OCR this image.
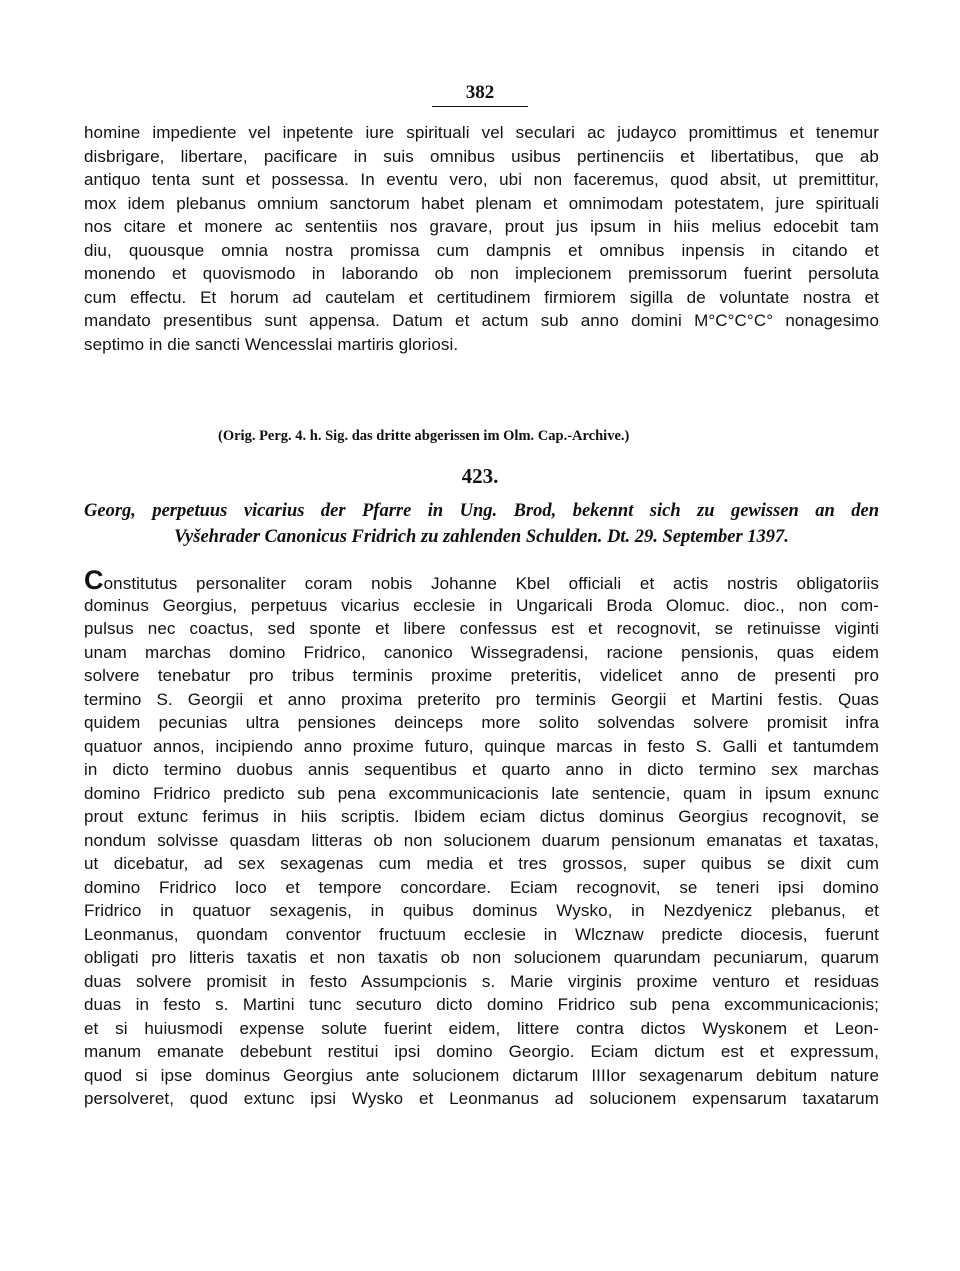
382
homine impediente vel inpetente iure spirituali vel seculari ac judayco promittimus et tenemur
disbrigare, libertare, pacificare in suis omnibus usibus pertinenciis et libertatibus, que ab
antiquo tenta sunt et possessa. In eventu vero, ubi non faceremus, quod absit, ut premittitur,
mox idem plebanus omnium sanctorum habet plenam et omnimodam potestatem, jure spirituali
nos citare et monere ac sententiis nos gravare, prout jus ipsum in hiis melius edocebit tam
diu, quousque omnia nostra promissa cum dampnis et omnibus inpensis in citando et
monendo et quovismodo in laborando ob non implecionem premissorum fuerint persoluta
cum effectu. Et horum ad cautelam et certitudinem firmiorem sigilla de voluntate nostra et
mandato presentibus sunt appensa. Datum et actum sub anno domini M°C°C°C° nonagesimo
septimo in die sancti Wencesslai martiris gloriosi.
(Orig. Perg. 4. h. Sig. das dritte abgerissen im Olm. Cap.-Archive.)
423.
Georg, perpetuus vicarius der Pfarre in Ung. Brod, bekennt sich zu gewissen an den
Vyšehrader Canonicus Fridrich zu zahlenden Schulden. Dt. 29. September 1397.
Constitutus personaliter coram nobis Johanne Kbel officiali et actis nostris obligatoriis
dominus Georgius, perpetuus vicarius ecclesie in Ungaricali Broda Olomuc. dioc., non com-
pulsus nec coactus, sed sponte et libere confessus est et recognovit, se retinuisse viginti
unam marchas domino Fridrico, canonico Wissegradensi, racione pensionis, quas eidem
solvere tenebatur pro tribus terminis proxime preteritis, videlicet anno de presenti pro
termino S. Georgii et anno proxima preterito pro terminis Georgii et Martini festis. Quas
quidem pecunias ultra pensiones deinceps more solito solvendas solvere promisit infra
quatuor annos, incipiendo anno proxime futuro, quinque marcas in festo S. Galli et tantumdem
in dicto termino duobus annis sequentibus et quarto anno in dicto termino sex marchas
domino Fridrico predicto sub pena excommunicacionis late sentencie, quam in ipsum exnunc
prout extunc ferimus in hiis scriptis. Ibidem eciam dictus dominus Georgius recognovit, se
nondum solvisse quasdam litteras ob non solucionem duarum pensionum emanatas et taxatas,
ut dicebatur, ad sex sexagenas cum media et tres grossos, super quibus se dixit cum
domino Fridrico loco et tempore concordare. Eciam recognovit, se teneri ipsi domino
Fridrico in quatuor sexagenis, in quibus dominus Wysko, in Nezdyenicz plebanus, et
Leonmanus, quondam conventor fructuum ecclesie in Wlcznaw predicte diocesis, fuerunt
obligati pro litteris taxatis et non taxatis ob non solucionem quarundam pecuniarum, quarum
duas solvere promisit in festo Assumpcionis s. Marie virginis proxime venturo et residuas
duas in festo s. Martini tunc secuturo dicto domino Fridrico sub pena excommunicacionis;
et si huiusmodi expense solute fuerint eidem, littere contra dictos Wyskonem et Leon-
manum emanate debebunt restitui ipsi domino Georgio. Eciam dictum est et expressum,
quod si ipse dominus Georgius ante solucionem dictarum IIIIor sexagenarum debitum nature
persolveret, quod extunc ipsi Wysko et Leonmanus ad solucionem expensarum taxatarum
